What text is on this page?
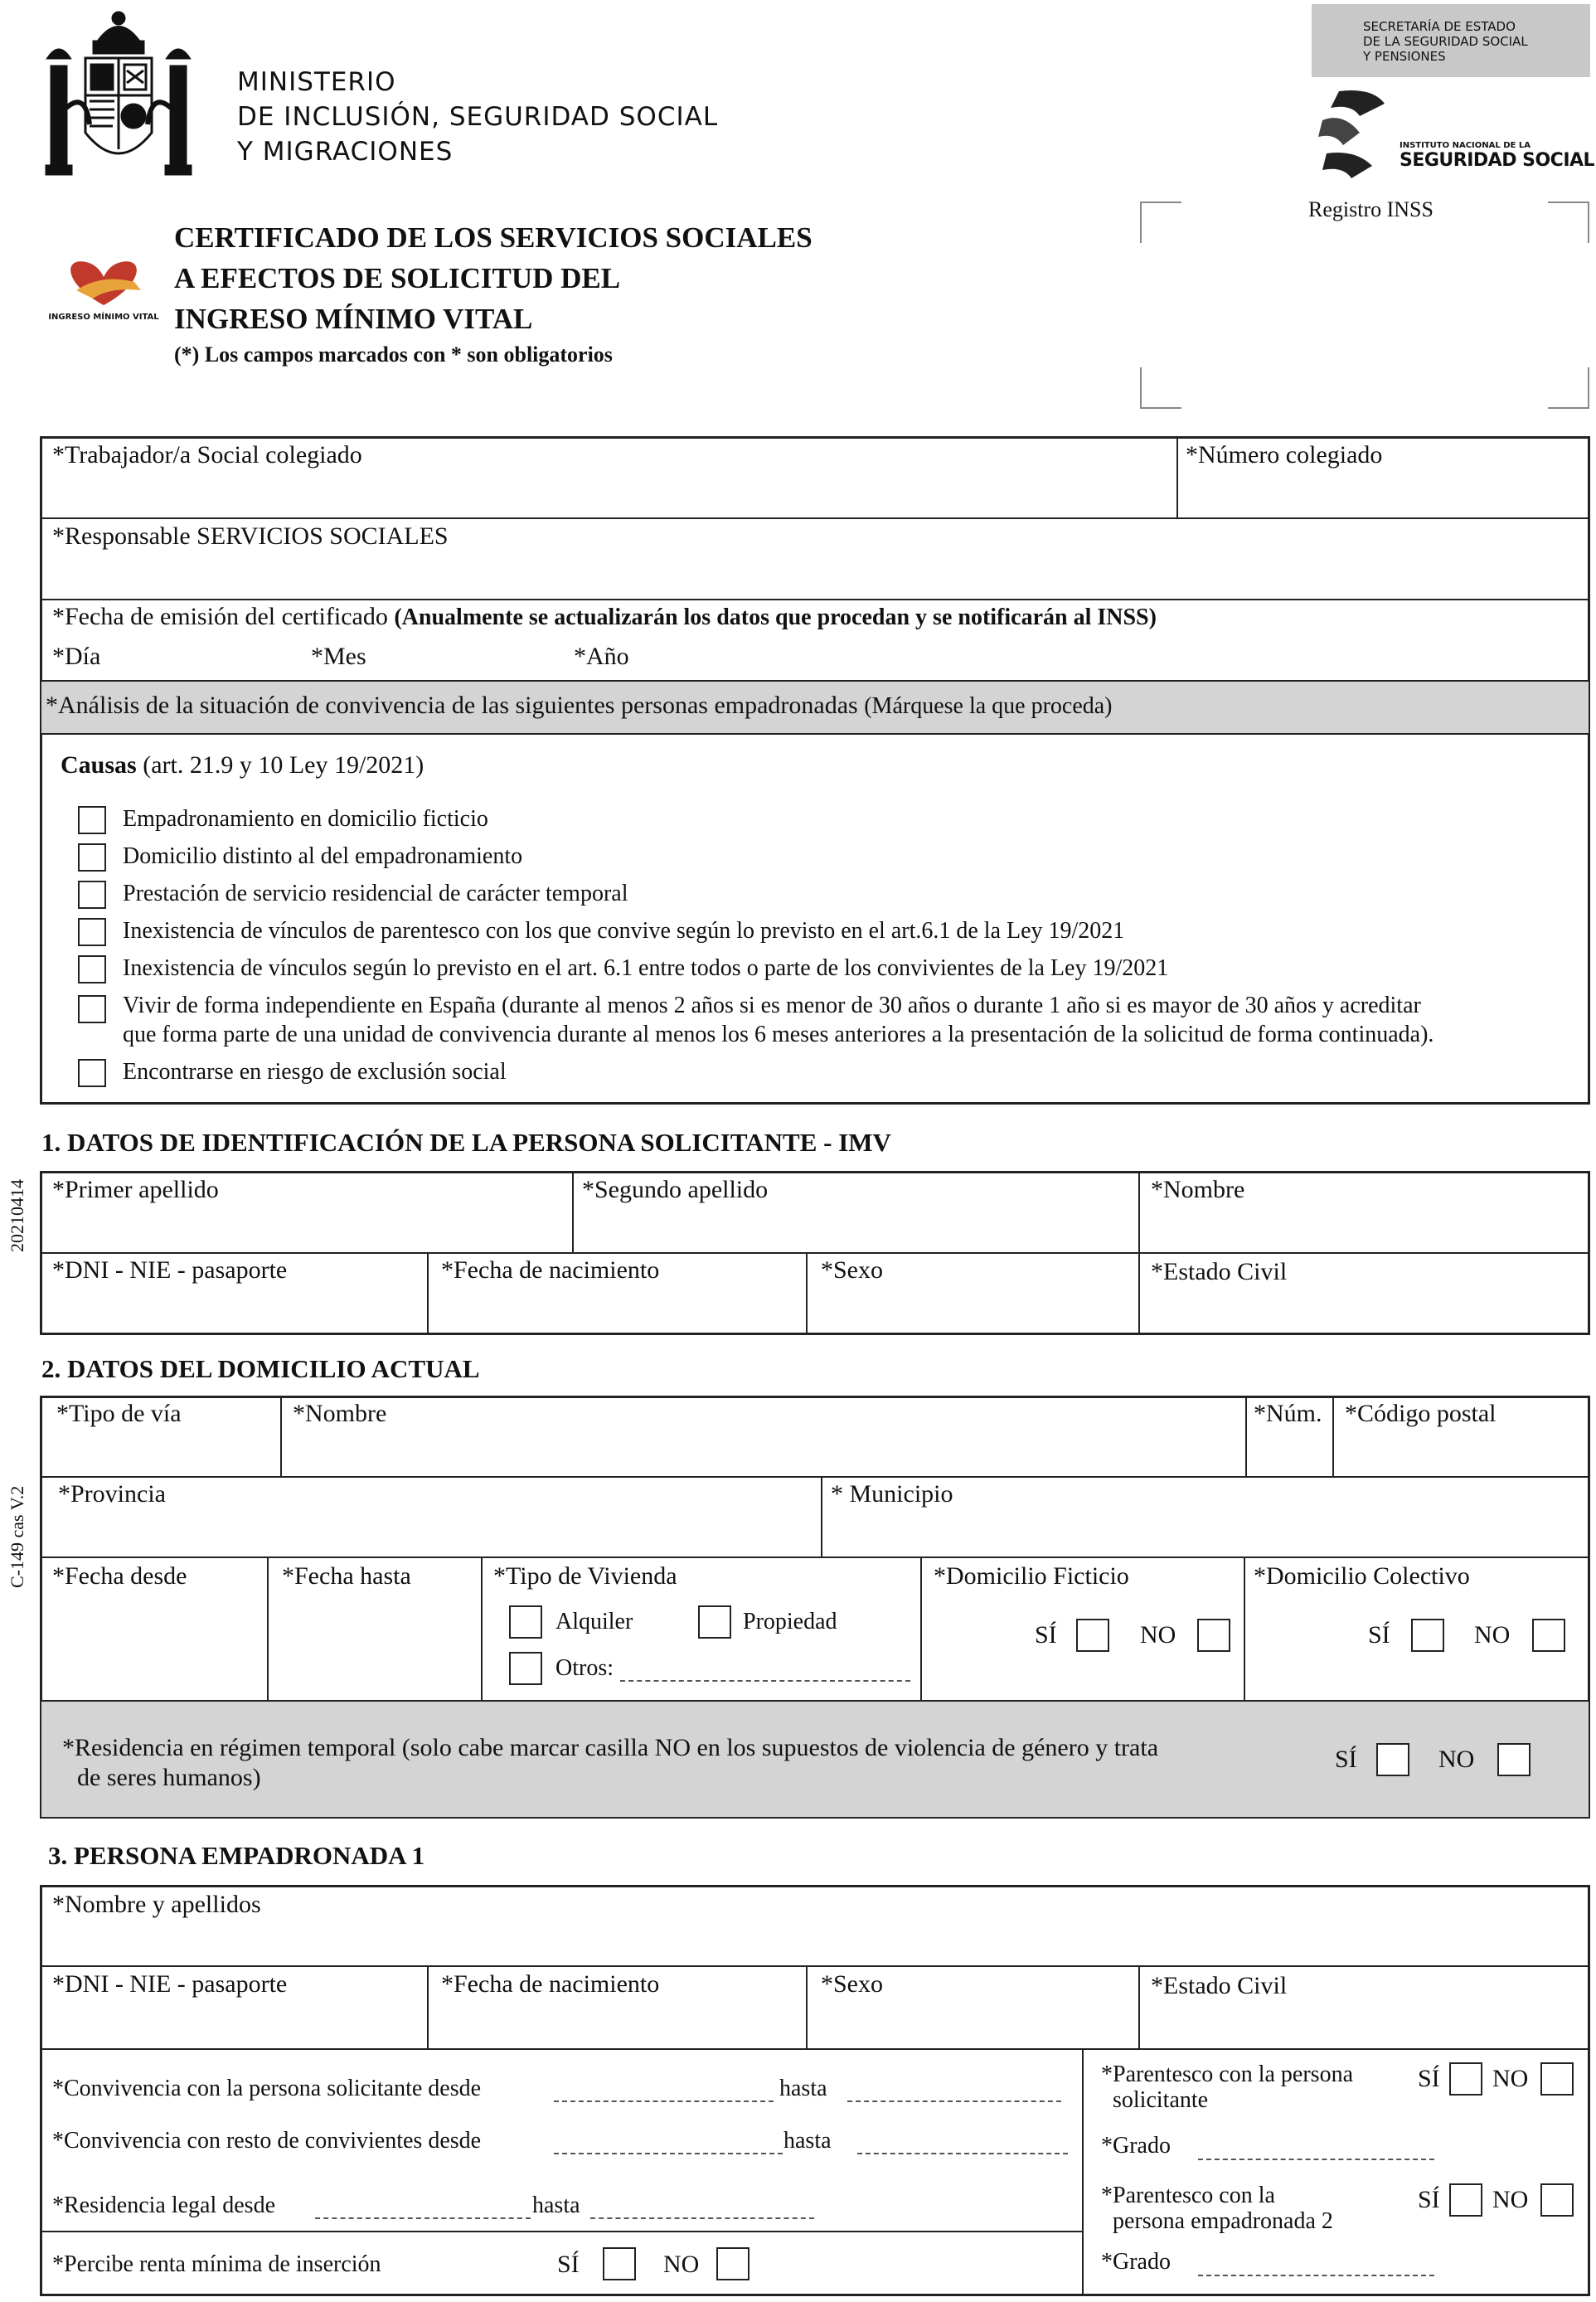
MINISTERIO
DE INCLUSIÓN, SEGURIDAD SOCIAL
Y MIGRACIONES
SECRETARÍA DE ESTADO
DE LA SEGURIDAD SOCIAL
Y PENSIONES
INSTITUTO NACIONAL DE LA
SEGURIDAD SOCIAL
Registro INSS
INGRESO MÍNIMO VITAL
CERTIFICADO DE LOS SERVICIOS SOCIALES
A EFECTOS DE SOLICITUD DEL
INGRESO MÍNIMO VITAL
(*) Los campos marcados con * son obligatorios
20210414
C-149 cas V.2
*Trabajador/a Social colegiado	*Número colegiado
*Responsable SERVICIOS SOCIALES
*Fecha de emisión del certificado (Anualmente se actualizarán los datos que procedan y se notificarán al INSS)
*Día	*Mes	*Año
*Análisis de la situación de convivencia de las siguientes personas empadronadas (Márquese la que proceda)
Causas (art. 21.9 y 10 Ley 19/2021)
Empadronamiento en domicilio ficticio
Domicilio distinto al del empadronamiento
Prestación de servicio residencial de carácter temporal
Inexistencia de vínculos de parentesco con los que convive según lo previsto en el art.6.1 de la Ley 19/2021
Inexistencia de vínculos según lo previsto en el art. 6.1 entre todos o parte de los convivientes de la Ley 19/2021
Vivir de forma independiente en España (durante al menos 2 años si es menor de 30 años o durante 1 año si es mayor de 30 años y acreditar
que forma parte de una unidad de convivencia durante al menos los 6 meses anteriores a la presentación de la solicitud de forma continuada).
Encontrarse en riesgo de exclusión social
1. DATOS DE IDENTIFICACIÓN DE LA PERSONA SOLICITANTE - IMV
*Primer apellido	*Segundo apellido	*Nombre
*DNI - NIE - pasaporte	*Fecha de nacimiento	*Sexo	*Estado Civil
2. DATOS DEL DOMICILIO ACTUAL
*Tipo de vía	*Nombre	*Núm. *Código postal
*Provincia	* Municipio
*Fecha desde	*Fecha hasta	*Tipo de Vivienda
Alquiler	Propiedad
Otros:
*Domicilio Ficticio
SÍ	NO
*Domicilio Colectivo
SÍ	NO
*Residencia en régimen temporal (solo cabe marcar casilla NO en los supuestos de violencia de género y trata
de seres humanos)
SÍ	NO
3. PERSONA EMPADRONADA 1
*Nombre y apellidos
*DNI - NIE - pasaporte	*Fecha de nacimiento	*Sexo	*Estado Civil
*Convivencia con la persona solicitante desde	hasta
*Convivencia con resto de convivientes desde	hasta
*Residencia legal desde	hasta
*Percibe renta mínima de inserción	SÍ	NO
*Parentesco con la persona
solicitante
SÍ NO
*Grado
*Parentesco con la
persona empadronada 2
SÍ NO
*Grado
